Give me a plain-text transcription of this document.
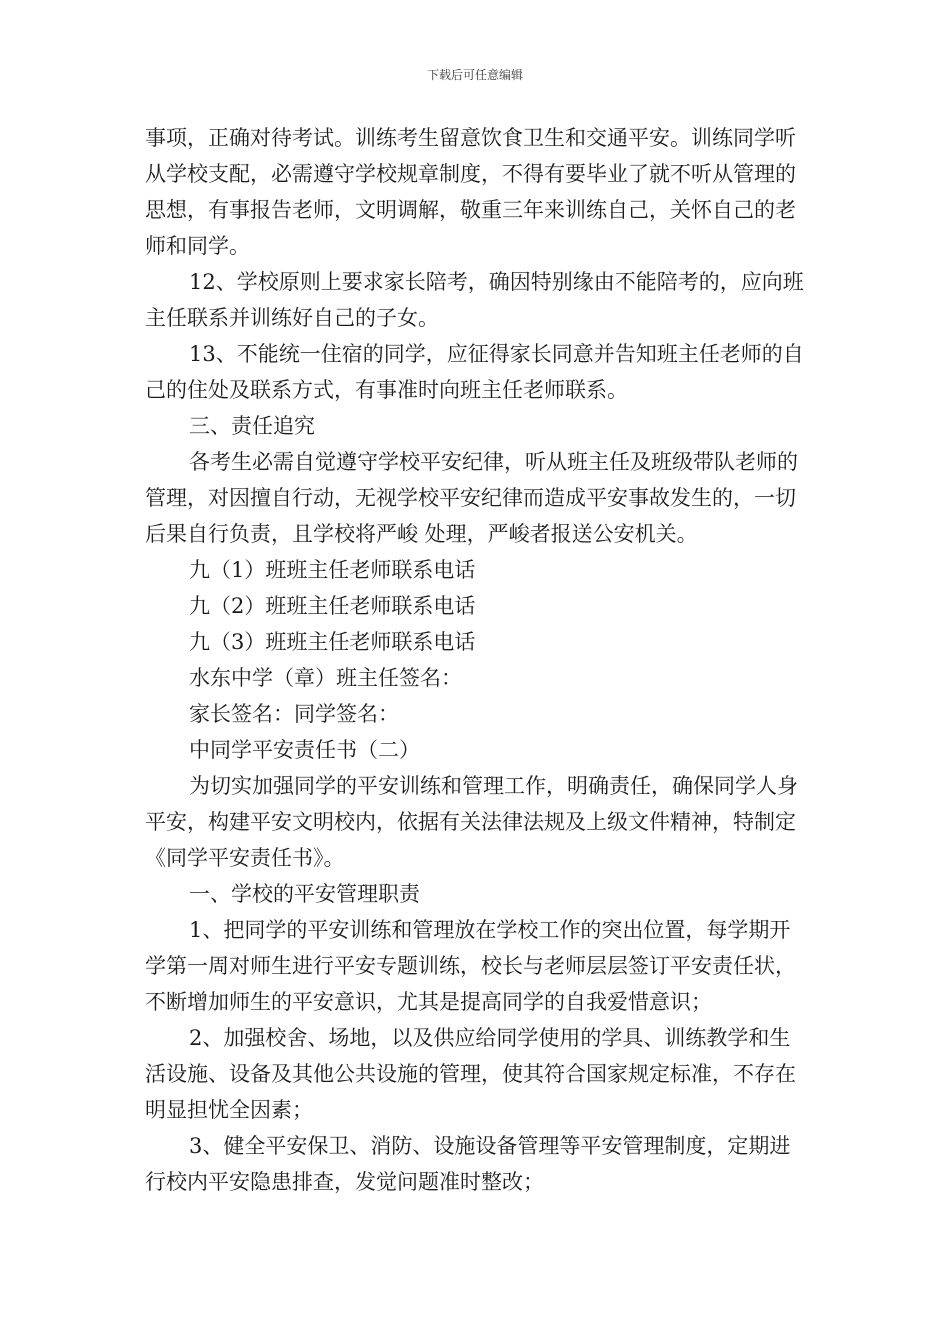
下载后可任意编辑

事项，正确对待考试。训练考生留意饮食卫生和交通平安。训练同学听从学校支配，必需遵守学校规章制度，不得有要毕业了就不听从管理的思想，有事报告老师，文明调解，敬重三年来训练自己，关怀自己的老师和同学。

12、学校原则上要求家长陪考，确因特别缘由不能陪考的，应向班主任联系并训练好自己的子女。

13、不能统一住宿的同学，应征得家长同意并告知班主任老师的自己的住处及联系方式，有事准时向班主任老师联系。

三、责任追究

各考生必需自觉遵守学校平安纪律，听从班主任及班级带队老师的管理，对因擅自行动，无视学校平安纪律而造成平安事故发生的，一切后果自行负责，且学校将严峻 处理，严峻者报送公安机关。

九（1）班班主任老师联系电话

九（2）班班主任老师联系电话

九（3）班班主任老师联系电话

水东中学（章）班主任签名：

家长签名：同学签名：

中同学平安责任书（二）

为切实加强同学的平安训练和管理工作，明确责任，确保同学人身平安，构建平安文明校内，依据有关法律法规及上级文件精神，特制定《同学平安责任书》。

一、学校的平安管理职责

1、把同学的平安训练和管理放在学校工作的突出位置，每学期开学第一周对师生进行平安专题训练，校长与老师层层签订平安责任状，不断增加师生的平安意识，尤其是提高同学的自我爱惜意识；

2、加强校舍、场地，以及供应给同学使用的学具、训练教学和生活设施、设备及其他公共设施的管理，使其符合国家规定标准，不存在明显担忧全因素；

3、健全平安保卫、消防、设施设备管理等平安管理制度，定期进行校内平安隐患排查，发觉问题准时整改；
